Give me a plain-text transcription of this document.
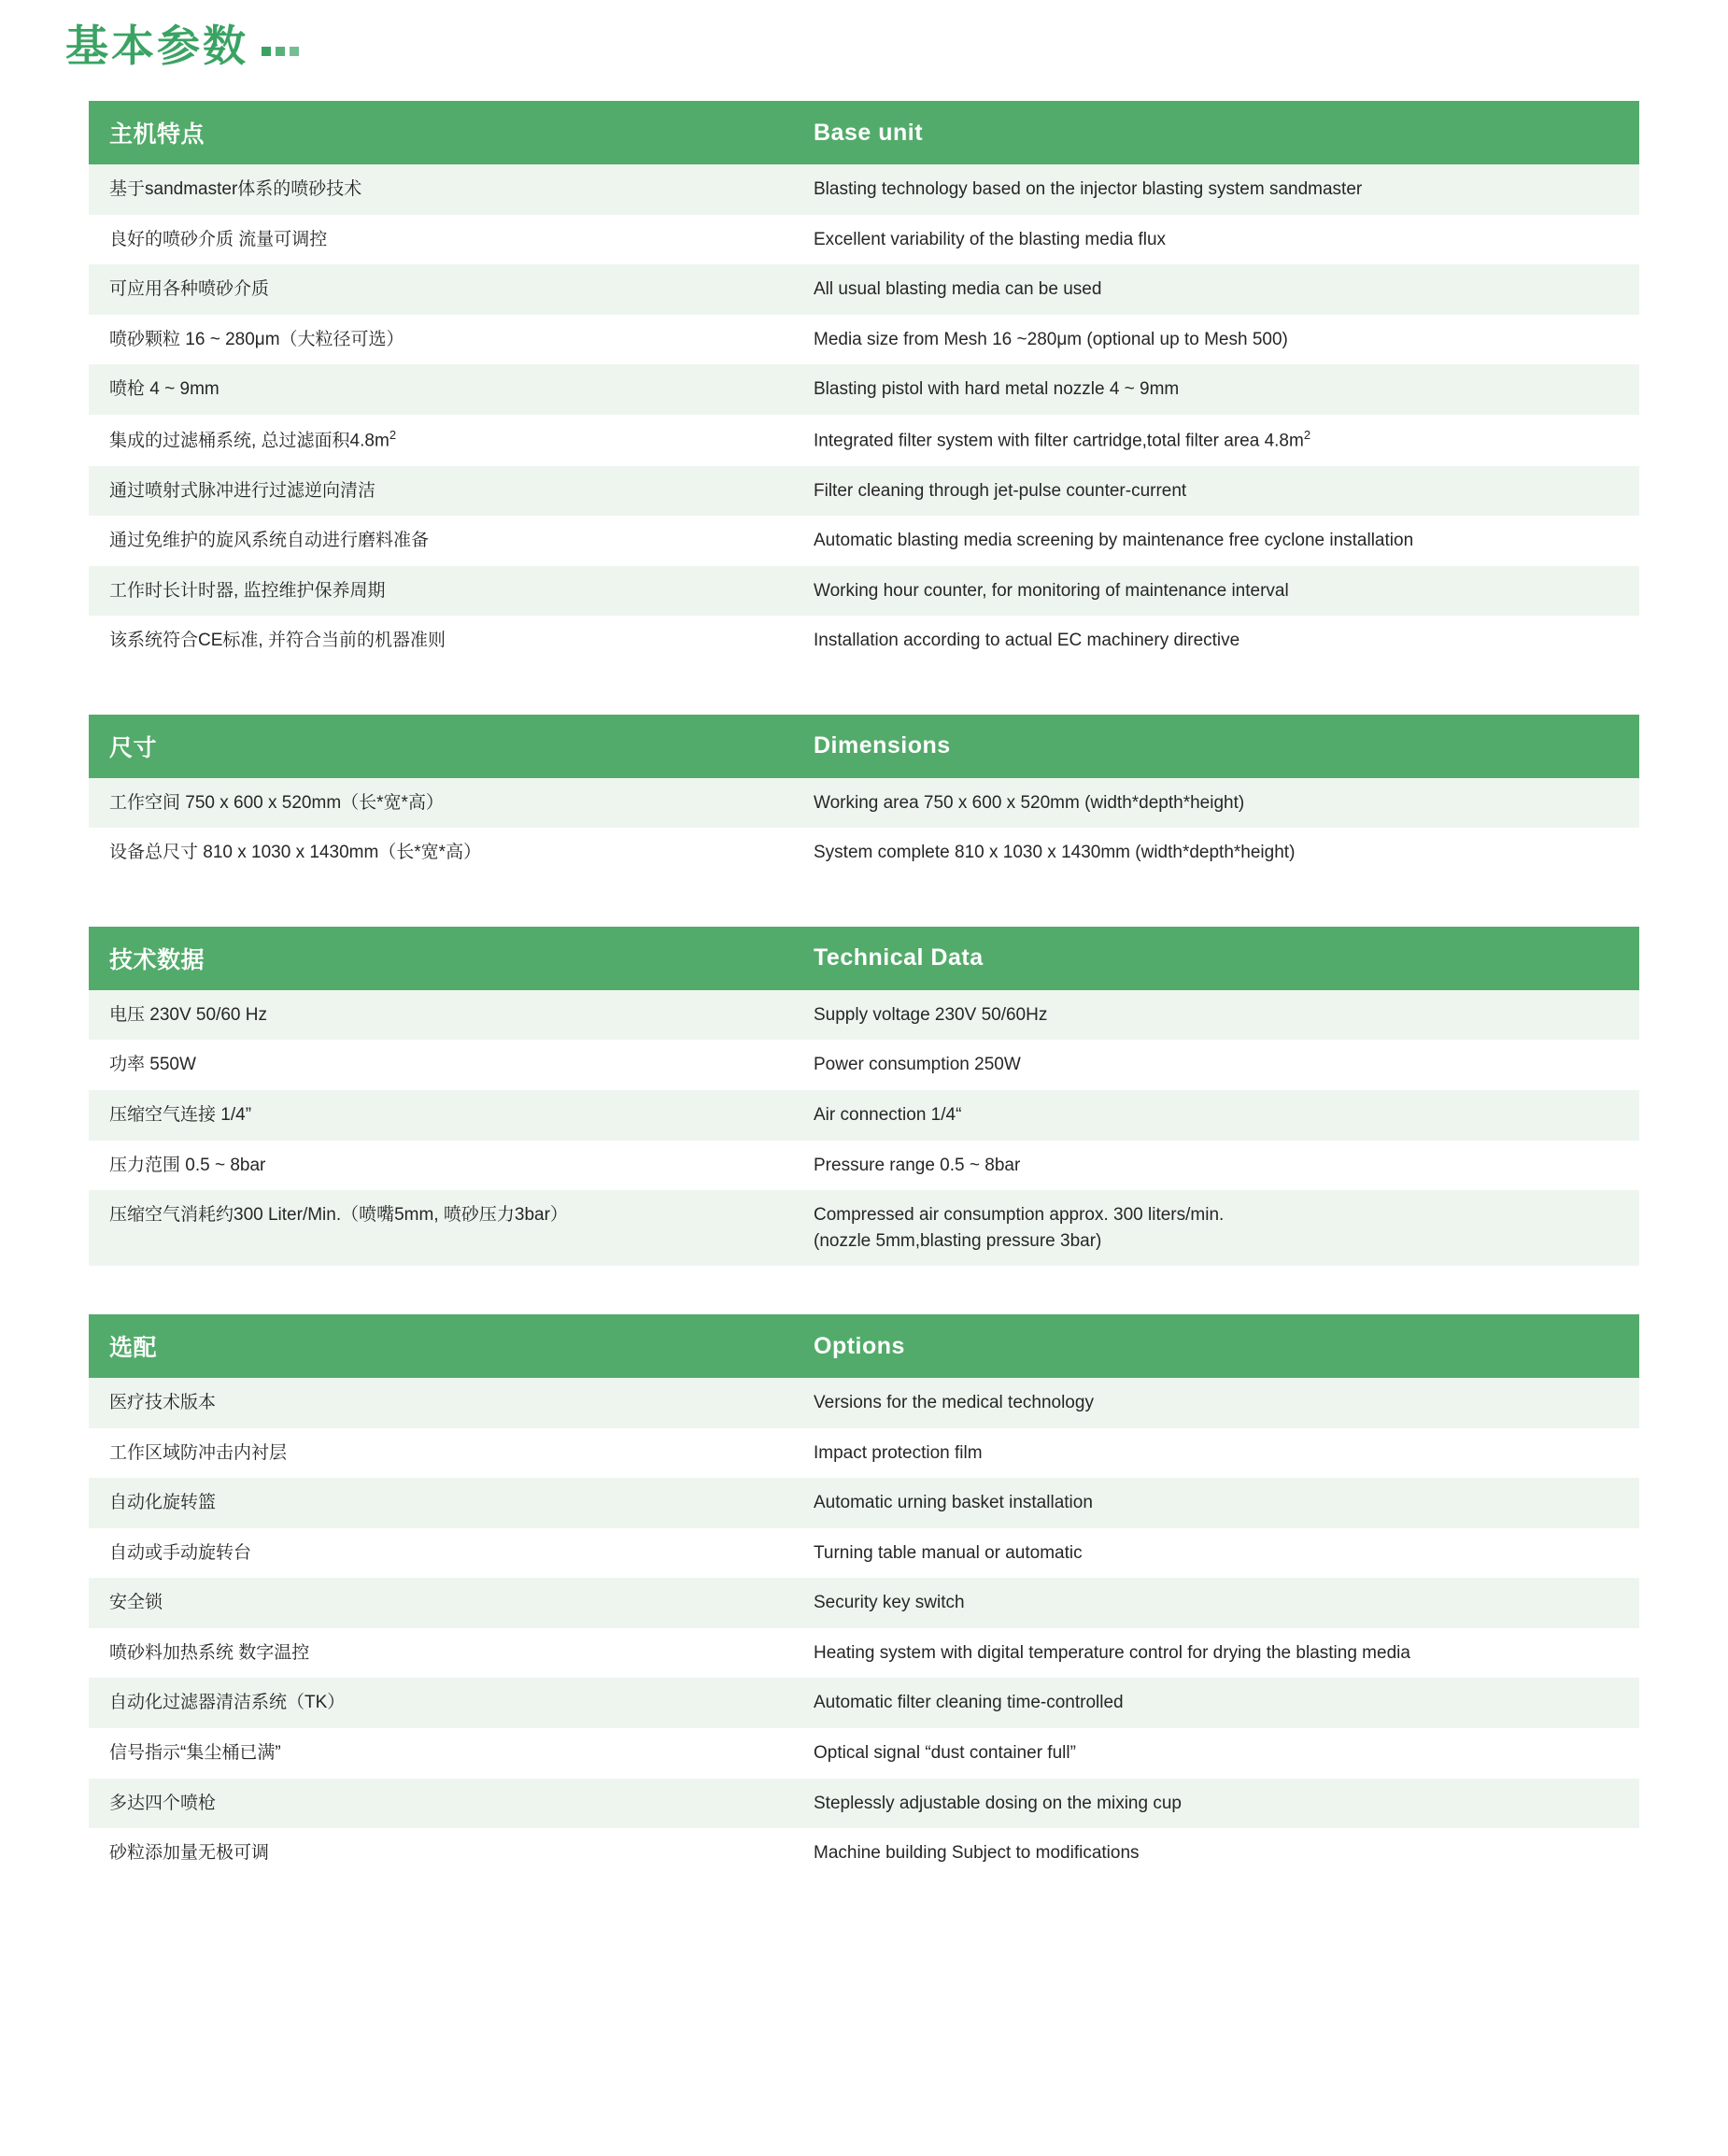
基本参数
主机特点	Base unit
基于sandmaster体系的喷砂技术	Blasting technology based on the injector blasting system sandmaster
良好的喷砂介质 流量可调控	Excellent variability of the blasting media flux
可应用各种喷砂介质	All usual blasting media can be used
喷砂颗粒 16 ~ 280μm（大粒径可选）	Media size from Mesh 16 ~280μm (optional up to Mesh 500)
喷枪 4 ~ 9mm	Blasting pistol with hard metal nozzle 4 ~ 9mm
集成的过滤桶系统, 总过滤面积$4.8m^2$	Integrated filter system with filter cartridge,total filter area $4.8m^2$
通过喷射式脉冲进行过滤逆向清洁	Filter cleaning through jet-pulse counter-current
通过免维护的旋风系统自动进行磨料准备	Automatic blasting media screening by maintenance free cyclone installation
工作时长计时器, 监控维护保养周期	Working hour counter, for monitoring of maintenance interval
该系统符合CE标准, 并符合当前的机器准则	Installation according to actual EC machinery directive
尺寸	Dimensions
工作空间 750 x 600 x 520mm（长*宽*高）	Working area 750 x 600 x 520mm (width*depth*height)
设备总尺寸 810 x 1030 x 1430mm（长*宽*高）	System complete 810 x 1030 x 1430mm (width*depth*height)
技术数据	Technical Data
电压 230V 50/60 Hz	Supply voltage 230V 50/60Hz
功率 550W	Power consumption 250W
压缩空气连接 1/4”	Air connection 1/4“
压力范围 0.5 ~ 8bar	Pressure range 0.5 ~ 8bar
压缩空气消耗约300 Liter/Min.（喷嘴5mm, 喷砂压力3bar）	Compressed air consumption approx. 300 liters/min.
(nozzle 5mm,blasting pressure 3bar)
选配	Options
医疗技术版本	Versions for the medical technology
工作区域防冲击内衬层	Impact protection film
自动化旋转篮	Automatic urning basket installation
自动或手动旋转台	Turning table manual or automatic
安全锁	Security key switch
喷砂料加热系统 数字温控	Heating system with digital temperature control for drying the blasting media
自动化过滤器清洁系统（TK）	Automatic filter cleaning time-controlled
信号指示“集尘桶已满”	Optical signal “dust container full”
多达四个喷枪	Steplessly adjustable dosing on the mixing cup
砂粒添加量无极可调	Machine building Subject to modifications
